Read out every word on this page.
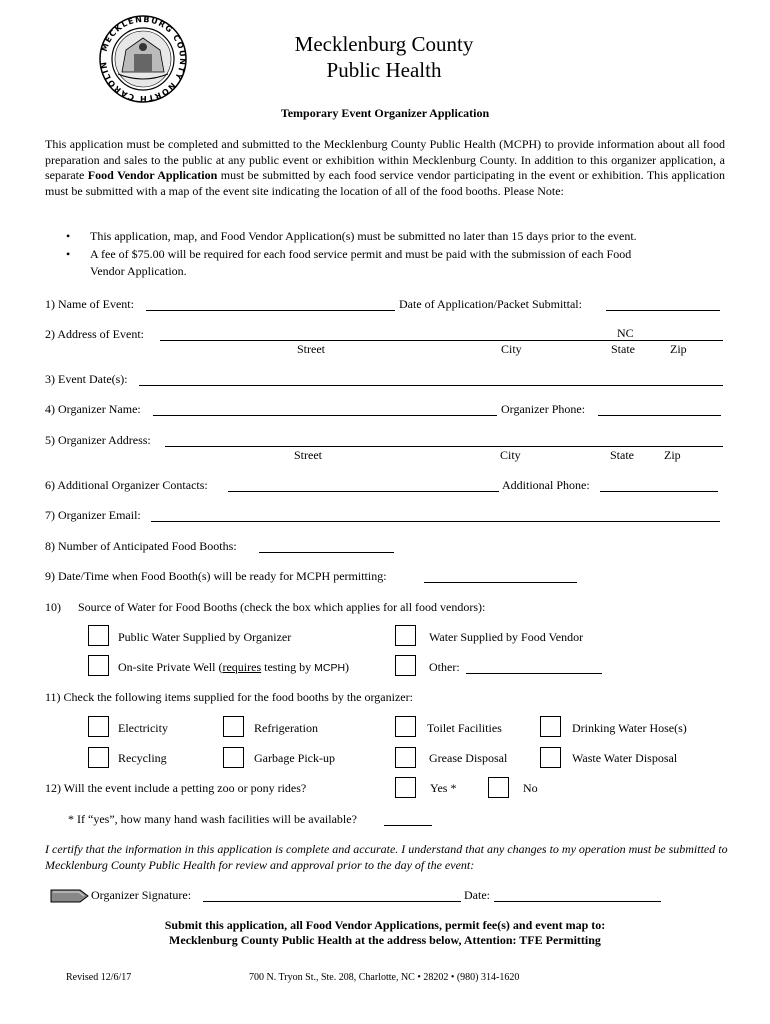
MECKLENBURG COUNTY NORTH CAROLIN
Mecklenburg County
Public Health
Temporary Event Organizer Application
This application must be completed and submitted to the Mecklenburg County Public Health (MCPH) to provide information about all food preparation and sales to the public at any public event or exhibition within Mecklenburg County. In addition to this organizer application, a separate Food Vendor Application must be submitted by each food service vendor participating in the event or exhibition. This application must be submitted with a map of the event site indicating the location of all of the food booths. Please Note:
• This application, map, and Food Vendor Application(s) must be submitted no later than 15 days prior to the event.
• A fee of $75.00 will be required for each food service permit and must be paid with the submission of each Food
Vendor Application.
1) Name of Event:	Date of Application/Packet Submittal:
2) Address of Event:	NC
Street	City	State	Zip
3) Event Date(s):
4) Organizer Name:	Organizer Phone:
5) Organizer Address:
Street	City	State	Zip
6) Additional Organizer Contacts:	Additional Phone:
7) Organizer Email:
8) Number of Anticipated Food Booths:
9) Date/Time when Food Booth(s) will be ready for MCPH permitting:
10) Source of Water for Food Booths (check the box which applies for all food vendors):
Public Water Supplied by Organizer	Water Supplied by Food Vendor
On-site Private Well (requires testing by MCPH)	Other:
11) Check the following items supplied for the food booths by the organizer:
Electricity	Refrigeration	Toilet Facilities	Drinking Water Hose(s)
Recycling	Garbage Pick-up	Grease Disposal	Waste Water Disposal
12) Will the event include a petting zoo or pony rides?	Yes *	No
* If “yes”, how many hand wash facilities will be available?
I certify that the information in this application is complete and accurate. I understand that any changes to my operation must be submitted to Mecklenburg County Public Health for review and approval prior to the day of the event:
Organizer Signature:	Date:
Submit this application, all Food Vendor Applications, permit fee(s) and event map to:
Mecklenburg County Public Health at the address below, Attention: TFE Permitting
Revised 12/6/17	700 N. Tryon St., Ste. 208, Charlotte, NC • 28202 • (980) 314-1620
